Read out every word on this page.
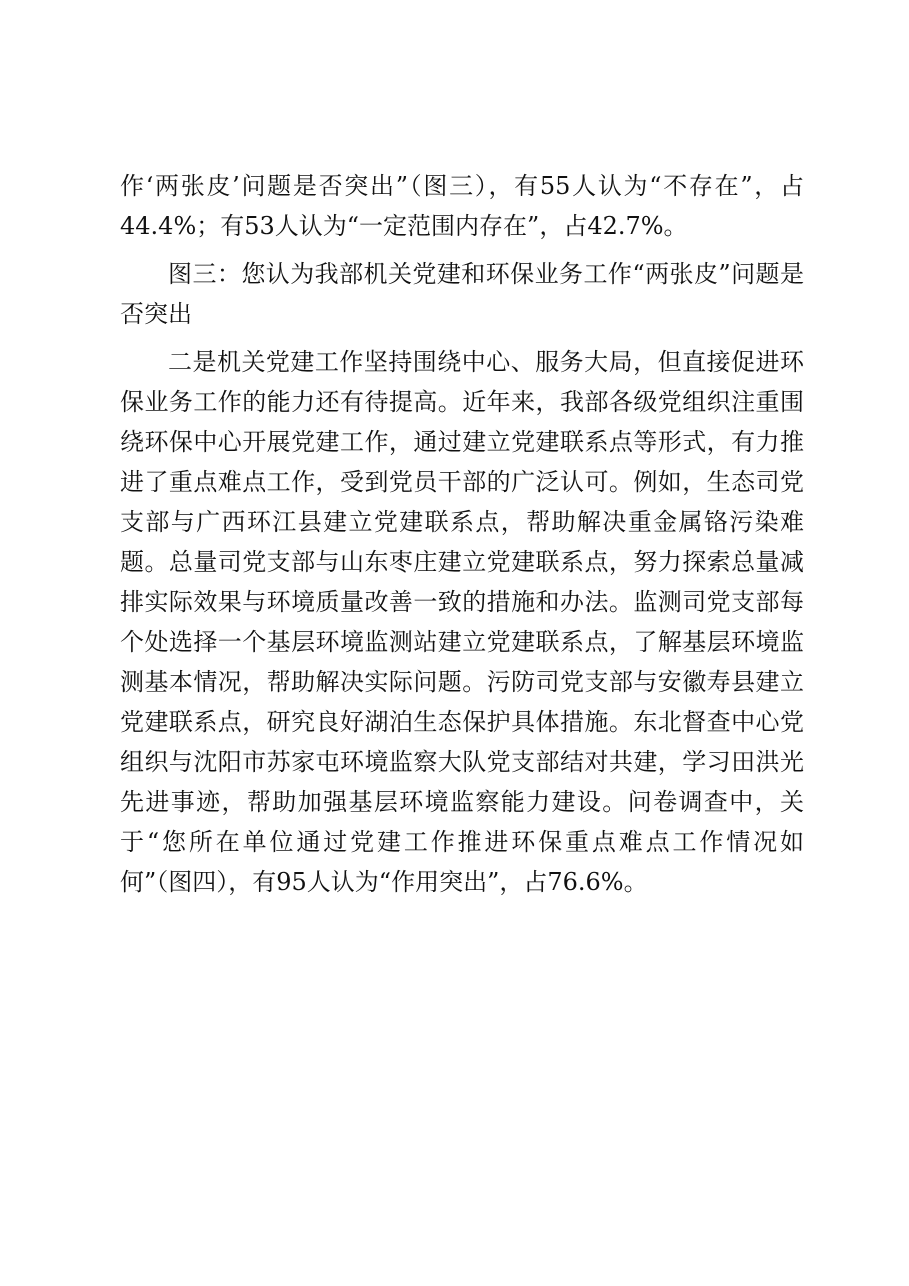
作‘两张皮’问题是否突出”（图三），有55人认为“不存在”，占44.4%；有53人认为“一定范围内存在”，占42.7%。

图三：您认为我部机关党建和环保业务工作“两张皮”问题是否突出

二是机关党建工作坚持围绕中心、服务大局，但直接促进环保业务工作的能力还有待提高。近年来，我部各级党组织注重围绕环保中心开展党建工作，通过建立党建联系点等形式，有力推进了重点难点工作，受到党员干部的广泛认可。例如，生态司党支部与广西环江县建立党建联系点，帮助解决重金属铬污染难题。总量司党支部与山东枣庄建立党建联系点，努力探索总量减排实际效果与环境质量改善一致的措施和办法。监测司党支部每个处选择一个基层环境监测站建立党建联系点，了解基层环境监测基本情况，帮助解决实际问题。污防司党支部与安徽寿县建立党建联系点，研究良好湖泊生态保护具体措施。东北督查中心党组织与沈阳市苏家屯环境监察大队党支部结对共建，学习田洪光先进事迹，帮助加强基层环境监察能力建设。问卷调查中，关于“您所在单位通过党建工作推进环保重点难点工作情况如何”（图四），有95人认为“作用突出”，占76.6%。
